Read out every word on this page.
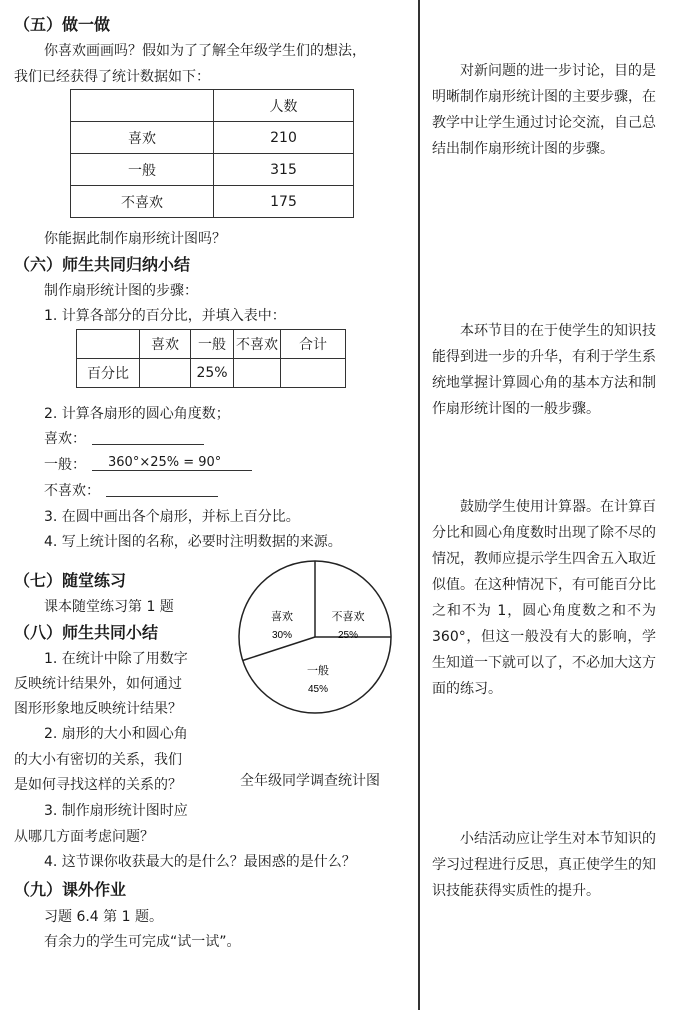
（五）做一做
你喜欢画画吗？假如为了了解全年级学生们的想法，
我们已经获得了统计数据如下：
	人数
喜欢	210
一般	315
不喜欢	175
你能据此制作扇形统计图吗？
（六）师生共同归纳小结
制作扇形统计图的步骤：
1. 计算各部分的百分比，并填入表中：
	喜欢	一般	不喜欢	合计
百分比		25%		
2. 计算各扇形的圆心角度数；
喜欢：
一般： 360°×25% = 90°
不喜欢：
3. 在圆中画出各个扇形，并标上百分比。
4. 写上统计图的名称，必要时注明数据的来源。
（七）随堂练习
课本随堂练习第 1 题
（八）师生共同小结
1. 在统计中除了用数字
反映统计结果外，如何通过
图形形象地反映统计结果？
2. 扇形的大小和圆心角
的大小有密切的关系，我们
是如何寻找这样的关系的？
3. 制作扇形统计图时应
从哪几方面考虑问题？
4. 这节课你收获最大的是什么？最困惑的是什么？
（九）课外作业
习题 6.4 第 1 题。
有余力的学生可完成“试一试”。
喜欢
30%
不喜欢
25%
一般
45%
全年级同学调查统计图
对新问题的进一步讨论，目的是明晰制作扇形统计图的主要步骤，在教学中让学生通过讨论交流，自己总结出制作扇形统计图的步骤。
本环节目的在于使学生的知识技能得到进一步的升华，有利于学生系统地掌握计算圆心角的基本方法和制作扇形统计图的一般步骤。
鼓励学生使用计算器。在计算百分比和圆心角度数时出现了除不尽的情况，教师应提示学生四舍五入取近似值。在这种情况下，有可能百分比之和不为 1，圆心角度数之和不为 360°，但这一般没有大的影响，学生知道一下就可以了，不必加大这方面的练习。
小结活动应让学生对本节知识的学习过程进行反思，真正使学生的知识技能获得实质性的提升。
